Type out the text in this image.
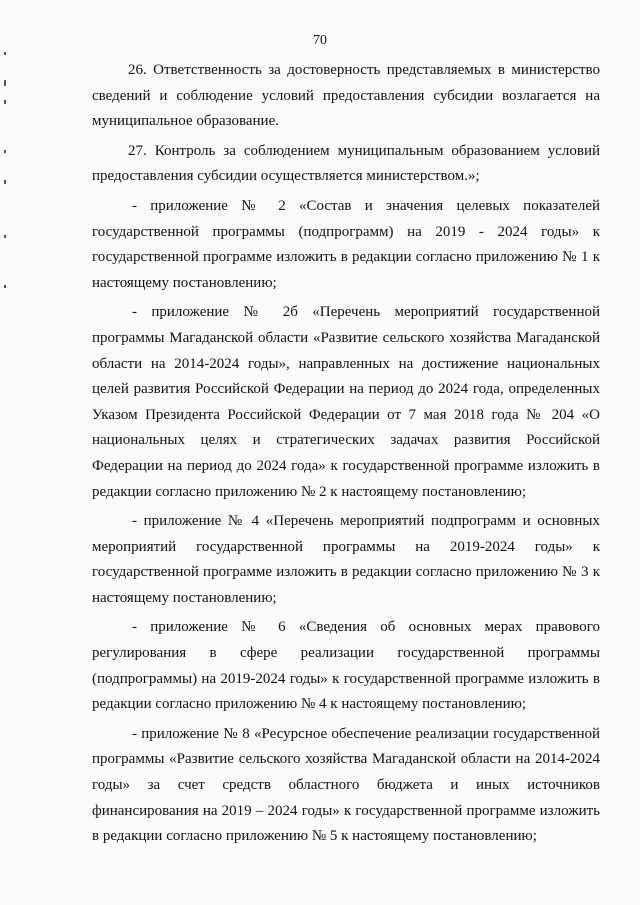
70

26. Ответственность за достоверность представляемых в министерство сведений и соблюдение условий предоставления субсидии возлагается на муниципальное образование.

27. Контроль за соблюдением муниципальным образованием условий предоставления субсидии осуществляется министерством.»;

- приложение № 2 «Состав и значения целевых показателей государственной программы (подпрограмм) на 2019 - 2024 годы» к государственной программе изложить в редакции согласно приложению № 1 к настоящему постановлению;

- приложение № 2б «Перечень мероприятий государственной программы Магаданской области «Развитие сельского хозяйства Магаданской области на 2014-2024 годы», направленных на достижение национальных целей развития Российской Федерации на период до 2024 года, определенных Указом Президента Российской Федерации от 7 мая 2018 года № 204 «О национальных целях и стратегических задачах развития Российской Федерации на период до 2024 года» к государственной программе изложить в редакции согласно приложению № 2 к настоящему постановлению;

- приложение № 4 «Перечень мероприятий подпрограмм и основных мероприятий государственной программы на 2019-2024 годы» к государственной программе изложить в редакции согласно приложению № 3 к настоящему постановлению;

- приложение № 6 «Сведения об основных мерах правового регулирования в сфере реализации государственной программы (подпрограммы) на 2019-2024 годы» к государственной программе изложить в редакции согласно приложению № 4 к настоящему постановлению;

- приложение № 8 «Ресурсное обеспечение реализации государственной программы «Развитие сельского хозяйства Магаданской области на 2014-2024 годы» за счет средств областного бюджета и иных источников финансирования на 2019 – 2024 годы» к государственной программе изложить в редакции согласно приложению № 5 к настоящему постановлению;
